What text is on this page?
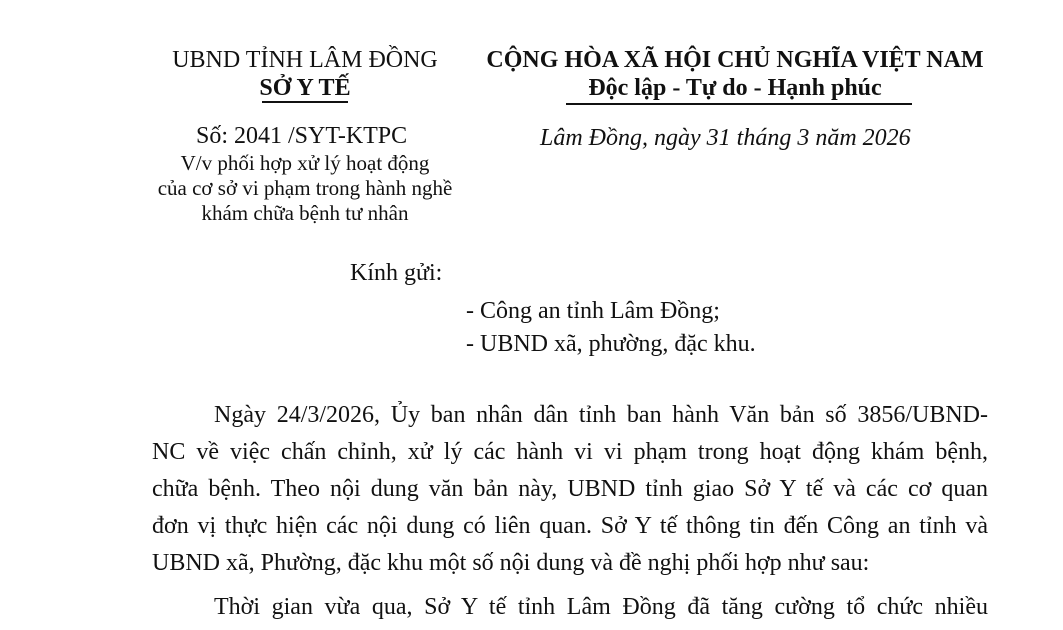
UBND TỈNH LÂM ĐỒNG
SỞ Y TẾ
Số: 2041 /SYT-KTPC
V/v phối hợp xử lý hoạt động
của cơ sở vi phạm trong hành nghề
khám chữa bệnh tư nhân
CỘNG HÒA XÃ HỘI CHỦ NGHĨA VIỆT NAM
Độc lập - Tự do - Hạnh phúc
Lâm Đồng, ngày 31 tháng 3 năm 2026
Kính gửi:
- Công an tỉnh Lâm Đồng;
- UBND xã, phường, đặc khu.
Ngày 24/3/2026, Ủy ban nhân dân tỉnh ban hành Văn bản số 3856/UBND-
NC về việc chấn chỉnh, xử lý các hành vi vi phạm trong hoạt động khám bệnh,
chữa bệnh. Theo nội dung văn bản này, UBND tỉnh giao Sở Y tế và các cơ quan
đơn vị thực hiện các nội dung có liên quan. Sở Y tế thông tin đến Công an tỉnh và
UBND xã, Phường, đặc khu một số nội dung và đề nghị phối hợp như sau:
Thời gian vừa qua, Sở Y tế tỉnh Lâm Đồng đã tăng cường tổ chức nhiều
